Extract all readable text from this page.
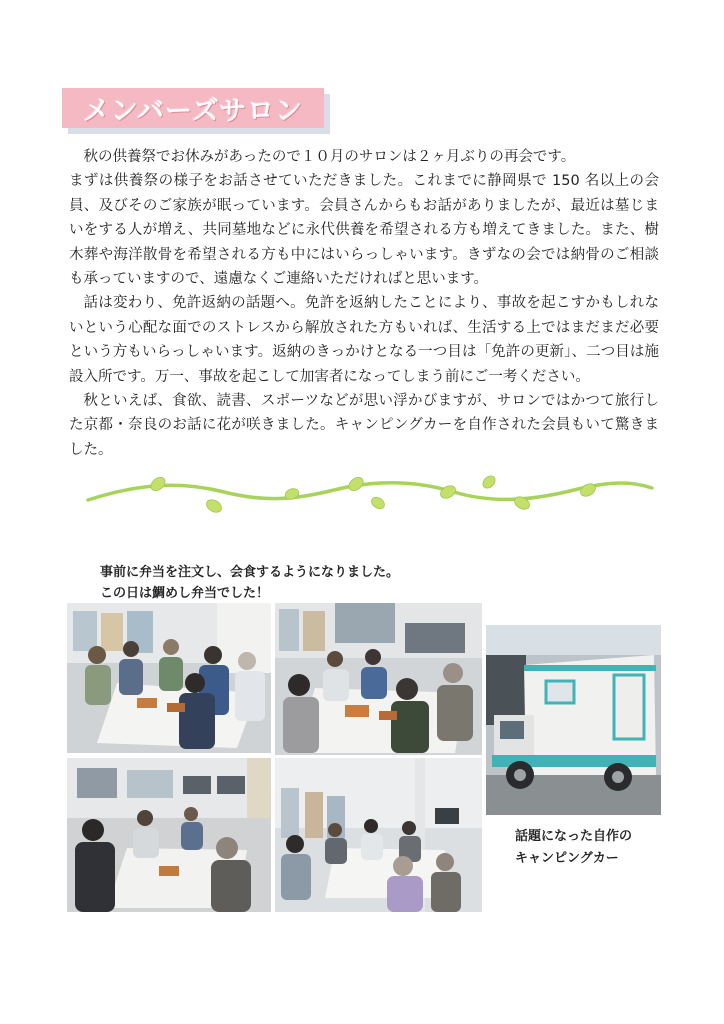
メンバーズサロン

秋の供養祭でお休みがあったので１０月のサロンは２ヶ月ぶりの再会です。

まずは供養祭の様子をお話させていただきました。これまでに静岡県で 150 名以上の会員、及びそのご家族が眠っています。会員さんからもお話がありましたが、最近は墓じまいをする人が増え、共同墓地などに永代供養を希望される方も増えてきました。また、樹木葬や海洋散骨を希望される方も中にはいらっしゃいます。きずなの会では納骨のご相談も承っていますので、遠慮なくご連絡いただければと思います。

話は変わり、免許返納の話題へ。免許を返納したことにより、事故を起こすかもしれないという心配な面でのストレスから解放された方もいれば、生活する上ではまだまだ必要という方もいらっしゃいます。返納のきっかけとなる一つ目は「免許の更新」、二つ目は施設入所です。万一、事故を起こして加害者になってしまう前にご一考ください。

秋といえば、食欲、読書、スポーツなどが思い浮かびますが、サロンではかつて旅行した京都・奈良のお話に花が咲きました。キャンピングカーを自作された会員もいて驚きました。

事前に弁当を注文し、会食するようになりました。
この日は鯛めし弁当でした！
話題になった自作の
キャンピングカー
